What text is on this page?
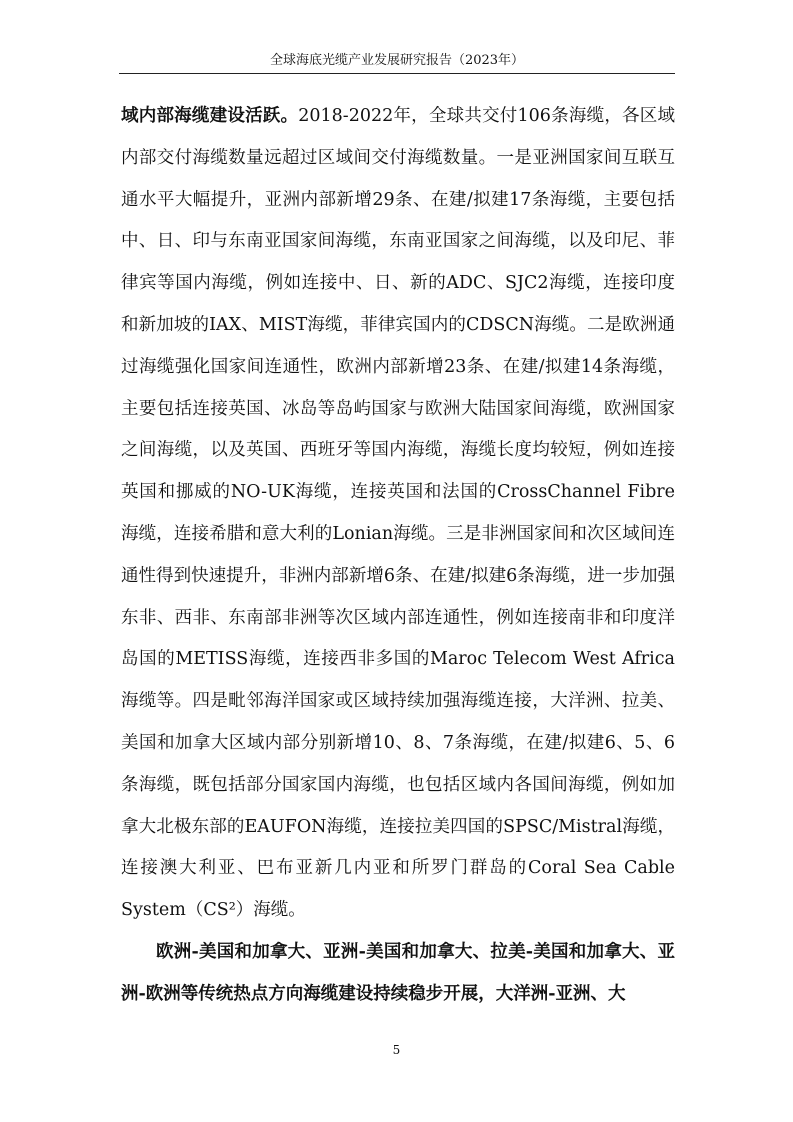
全球海底光缆产业发展研究报告（2023年）

域内部海缆建设活跃。2018-2022年，全球共交付106条海缆，各区域内部交付海缆数量远超过区域间交付海缆数量。一是亚洲国家间互联互通水平大幅提升，亚洲内部新增29条、在建/拟建17条海缆，主要包括中、日、印与东南亚国家间海缆，东南亚国家之间海缆，以及印尼、菲律宾等国内海缆，例如连接中、日、新的ADC、SJC2海缆，连接印度和新加坡的IAX、MIST海缆，菲律宾国内的CDSCN海缆。二是欧洲通过海缆强化国家间连通性，欧洲内部新增23条、在建/拟建14条海缆，主要包括连接英国、冰岛等岛屿国家与欧洲大陆国家间海缆，欧洲国家之间海缆，以及英国、西班牙等国内海缆，海缆长度均较短，例如连接英国和挪威的NO-UK海缆，连接英国和法国的CrossChannel Fibre海缆，连接希腊和意大利的Lonian海缆。三是非洲国家间和次区域间连通性得到快速提升，非洲内部新增6条、在建/拟建6条海缆，进一步加强东非、西非、东南部非洲等次区域内部连通性，例如连接南非和印度洋岛国的METISS海缆，连接西非多国的Maroc Telecom West Africa海缆等。四是毗邻海洋国家或区域持续加强海缆连接，大洋洲、拉美、美国和加拿大区域内部分别新增10、8、7条海缆，在建/拟建6、5、6条海缆，既包括部分国家国内海缆，也包括区域内各国间海缆，例如加拿大北极东部的EAUFON海缆，连接拉美四国的SPSC/Mistral海缆，连接澳大利亚、巴布亚新几内亚和所罗门群岛的Coral Sea Cable System（CS²）海缆。

欧洲-美国和加拿大、亚洲-美国和加拿大、拉美-美国和加拿大、亚洲-欧洲等传统热点方向海缆建设持续稳步开展，大洋洲-亚洲、大

5
